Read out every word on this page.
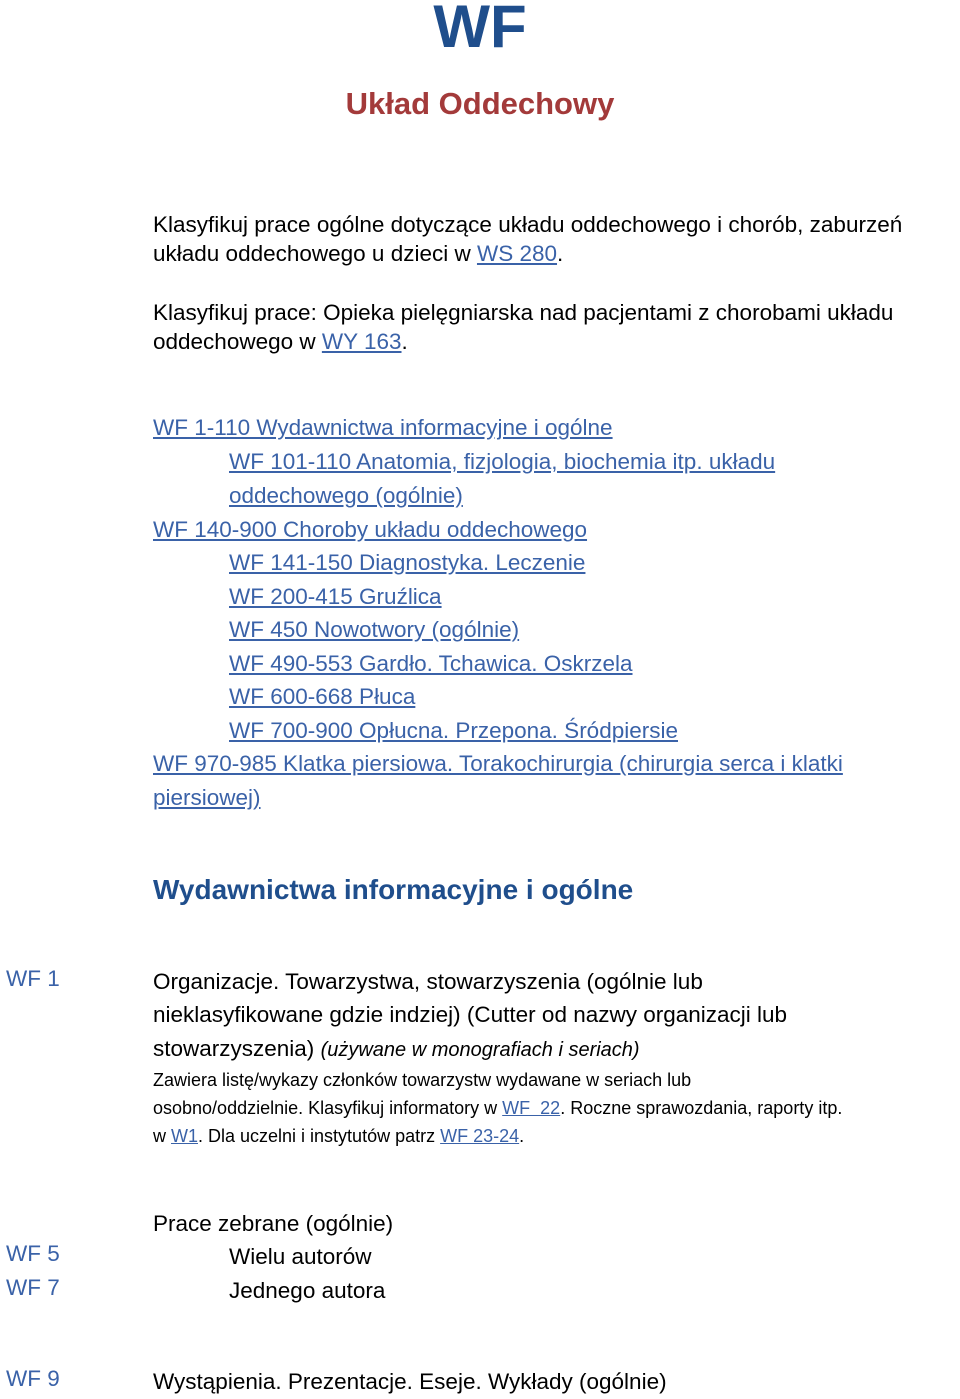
WF
Układ Oddechowy
Klasyfikuj prace ogólne dotyczące układu oddechowego i chorób, zaburzeń układu oddechowego u dzieci w WS 280.
Klasyfikuj prace: Opieka pielęgniarska nad pacjentami z chorobami układu oddechowego w WY 163.
WF 1-110 Wydawnictwa informacyjne i ogólne
WF 101-110 Anatomia, fizjologia, biochemia itp. układu
oddechowego (ogólnie)
WF 140-900 Choroby układu oddechowego
WF 141-150 Diagnostyka. Leczenie
WF 200-415 Gruźlica
WF 450 Nowotwory (ogólnie)
WF 490-553 Gardło. Tchawica. Oskrzela
WF 600-668 Płuca
WF 700-900 Opłucna. Przepona. Śródpiersie
WF 970-985 Klatka piersiowa. Torakochirurgia (chirurgia serca i klatki
piersiowej)
Wydawnictwa informacyjne i ogólne
WF 1	Organizacje. Towarzystwa, stowarzyszenia (ogólnie lub
nieklasyfikowane gdzie indziej) (Cutter od nazwy organizacji lub
stowarzyszenia) (używane w monografiach i seriach)
Zawiera listę/wykazy członków towarzystw wydawane w seriach lub
osobno/oddzielnie. Klasyfikuj informatory w WF  22. Roczne sprawozdania, raporty itp.
w W1. Dla uczelni i instytutów patrz WF 23-24.
Prace zebrane (ogólnie)
WF 5	Wielu autorów
WF 7	Jednego autora
WF 9	Wystąpienia. Prezentacje. Eseje. Wykłady (ogólnie)
